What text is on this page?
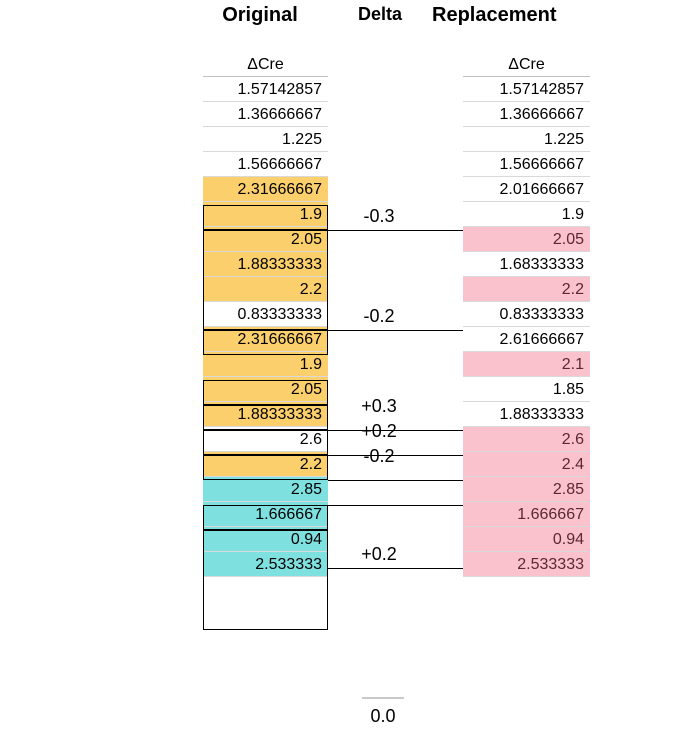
Original	Delta	Replacement
ΔCre
1.57142857
1.36666667
1.225
1.56666667
2.31666667
1.9
2.05
1.88333333
2.2
0.83333333
2.31666667
1.9
2.05
1.88333333
2.6
2.2
2.85
1.666667
0.94
2.533333
ΔCre
1.57142857
1.36666667
1.225
1.56666667
2.01666667
1.9
2.05
1.68333333
2.2
0.83333333
2.61666667
2.1
1.85
1.88333333
2.6
2.4
2.85
1.666667
0.94
2.533333
-0.3
-0.2
+0.3
+0.2
-0.2
+0.2
0.0
